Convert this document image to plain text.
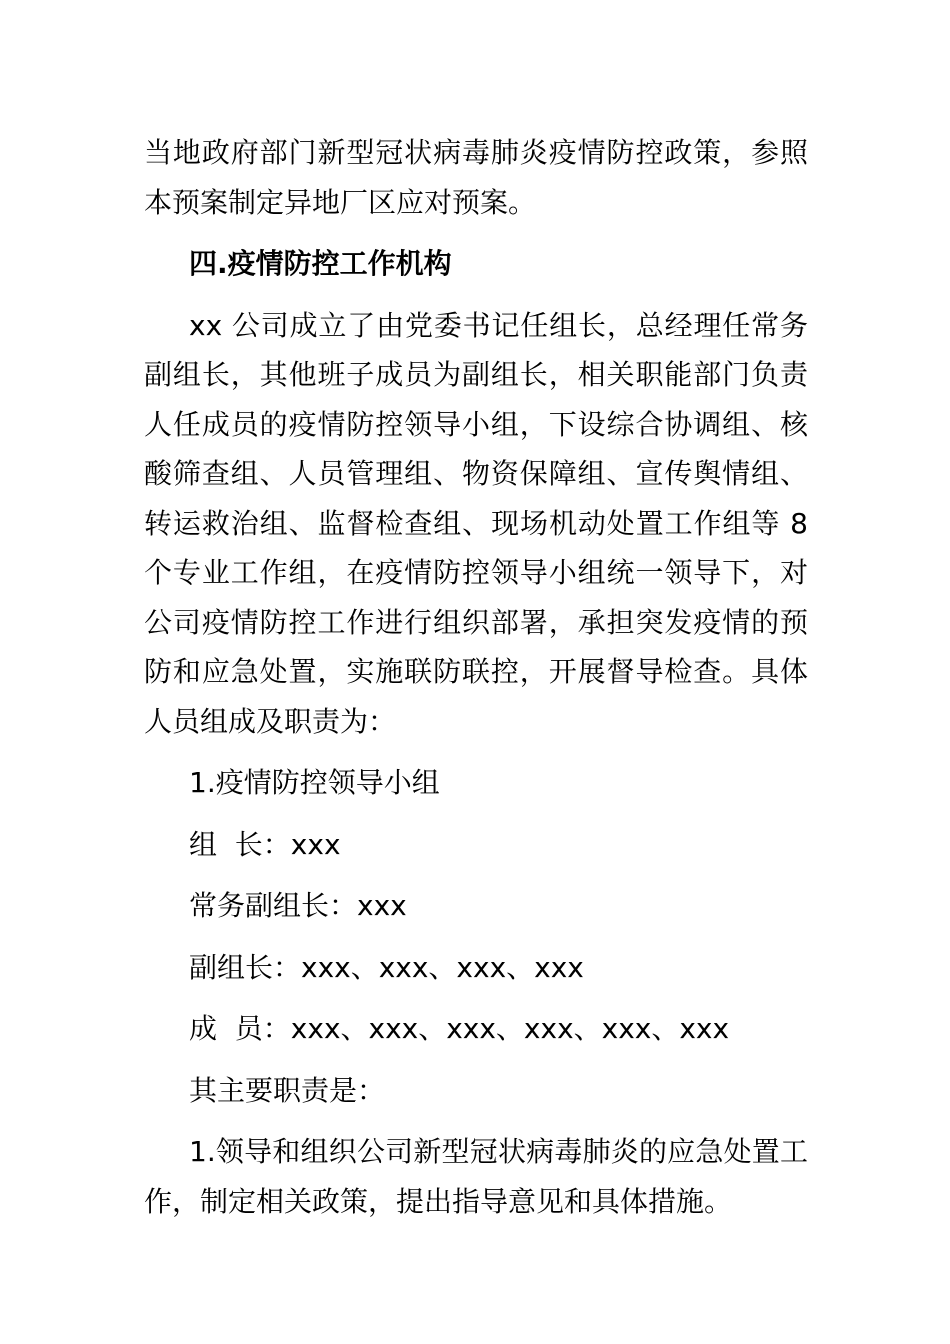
当地政府部门新型冠状病毒肺炎疫情防控政策，参照本预案制定异地厂区应对预案。

四.疫情防控工作机构

xx 公司成立了由党委书记任组长，总经理任常务副组长，其他班子成员为副组长，相关职能部门负责人任成员的疫情防控领导小组，下设综合协调组、核酸筛查组、人员管理组、物资保障组、宣传舆情组、转运救治组、监督检查组、现场机动处置工作组等 8 个专业工作组，在疫情防控领导小组统一领导下，对公司疫情防控工作进行组织部署，承担突发疫情的预防和应急处置，实施联防联控，开展督导检查。具体人员组成及职责为：

1.疫情防控领导小组

组  长：xxx

常务副组长：xxx

副组长：xxx、xxx、xxx、xxx

成  员：xxx、xxx、xxx、xxx、xxx、xxx

其主要职责是：

1.领导和组织公司新型冠状病毒肺炎的应急处置工作，制定相关政策，提出指导意见和具体措施。
